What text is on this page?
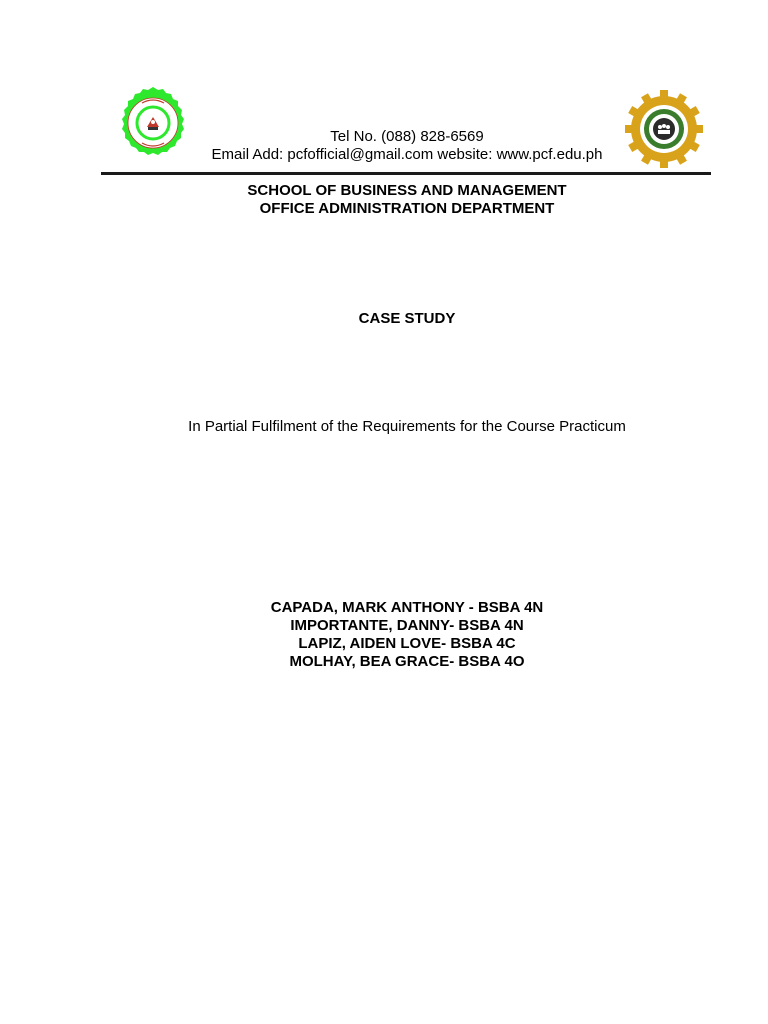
Tel No. (088) 828-6569
Email Add: pcfofficial@gmail.com website: www.pcf.edu.ph
SCHOOL OF BUSINESS AND MANAGEMENT
OFFICE ADMINISTRATION DEPARTMENT
CASE STUDY
In Partial Fulfilment of the Requirements for the Course Practicum
CAPADA, MARK ANTHONY - BSBA 4N
IMPORTANTE, DANNY- BSBA 4N
LAPIZ, AIDEN LOVE- BSBA 4C
MOLHAY, BEA GRACE- BSBA 4O
